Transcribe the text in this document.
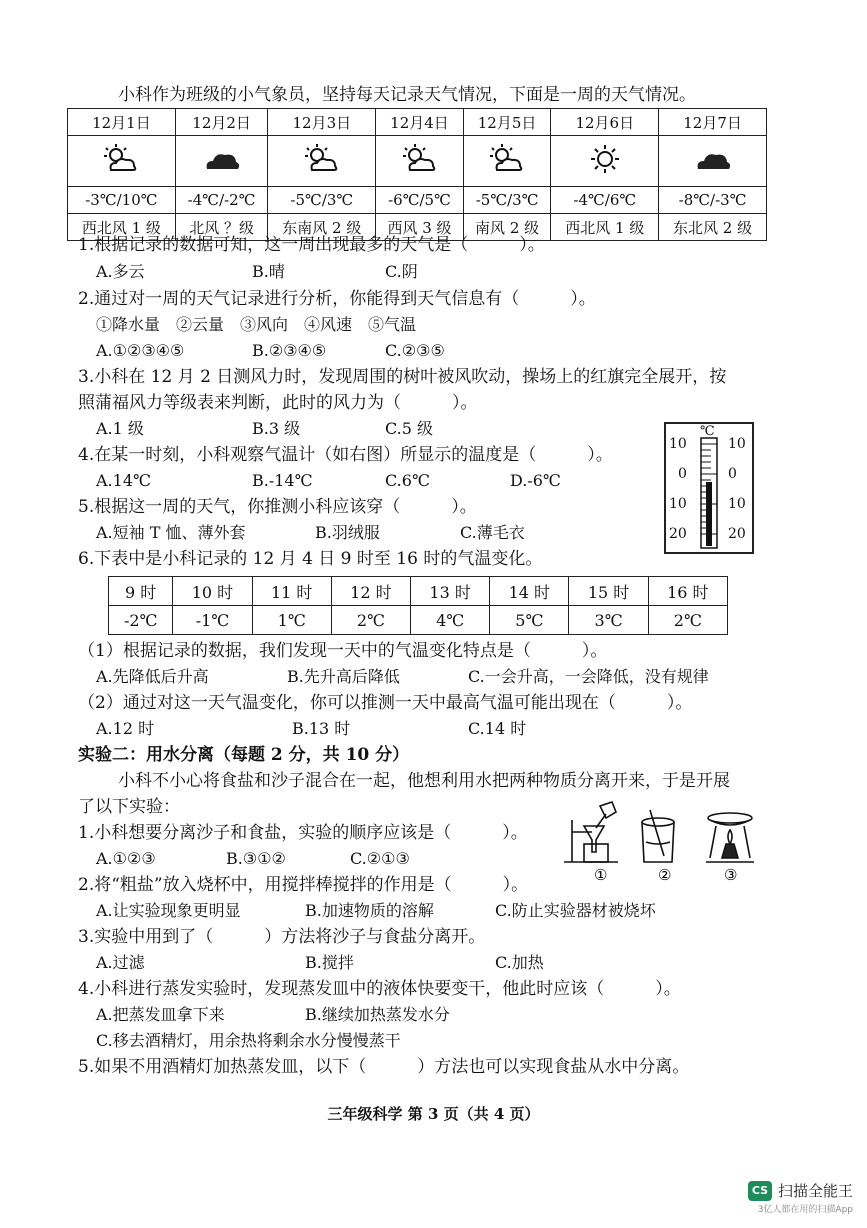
小科作为班级的小气象员，坚持每天记录天气情况，下面是一周的天气情况。
12月1日	12月2日	12月3日	12月4日	12月5日	12月6日	12月7日

-3℃/10℃	-4℃/-2℃	-5℃/3℃	-6℃/5℃	-5℃/3℃	-4℃/6℃	-8℃/-3℃
西北风 1 级	北风 ？级	东南风 2 级	西风 3 级	南风 2 级	西北风 1 级	东北风 2 级
1.根据记录的数据可知，这一周出现最多的天气是（　　　）。
A.多云	B.晴	C.阴
2.通过对一周的天气记录进行分析，你能得到天气信息有（　　　）。
①降水量　②云量　③风向　④风速　⑤气温
A.①②③④⑤	B.②③④⑤	C.②③⑤
3.小科在 12 月 2 日测风力时，发现周围的树叶被风吹动，操场上的红旗完全展开，按
照蒲福风力等级表来判断，此时的风力为（　　　）。
A.1 级	B.3 级	C.5 级
4.在某一时刻，小科观察气温计（如右图）所显示的温度是（　　　）。
A.14℃	B.-14℃	C.6℃	D.-6℃
5.根据这一周的天气，你推测小科应该穿（　　　）。
A.短袖 T 恤、薄外套	B.羽绒服	C.薄毛衣
℃
10
0
10
20
10
0
10
20
6.下表中是小科记录的 12 月 4 日 9 时至 16 时的气温变化。
9 时	10 时	11 时	12 时	13 时	14 时	15 时	16 时
-2℃	-1℃	1℃	2℃	4℃	5℃	3℃	2℃
（1）根据记录的数据，我们发现一天中的气温变化特点是（　　　）。
A.先降低后升高	B.先升高后降低	C.一会升高，一会降低，没有规律
（2）通过对这一天气温变化，你可以推测一天中最高气温可能出现在（　　　）。
A.12 时	B.13 时	C.14 时
实验二：用水分离（每题 2 分，共 10 分）
小科不小心将食盐和沙子混合在一起，他想利用水把两种物质分离开来，于是开展
了以下实验：
1.小科想要分离沙子和食盐，实验的顺序应该是（　　　）。
A.①②③	B.③①②	C.②①③
①	②	③
2.将“粗盐”放入烧杯中，用搅拌棒搅拌的作用是（　　　）。
A.让实验现象更明显	B.加速物质的溶解	C.防止实验器材被烧坏
3.实验中用到了（　　　）方法将沙子与食盐分离开。
A.过滤	B.搅拌	C.加热
4.小科进行蒸发实验时，发现蒸发皿中的液体快要变干，他此时应该（　　　）。
A.把蒸发皿拿下来	B.继续加热蒸发水分
C.移去酒精灯，用余热将剩余水分慢慢蒸干
5.如果不用酒精灯加热蒸发皿，以下（　　　）方法也可以实现食盐从水中分离。
三年级科学 第 3 页（共 4 页）
CS 扫描全能王
3亿人都在用的扫描App
